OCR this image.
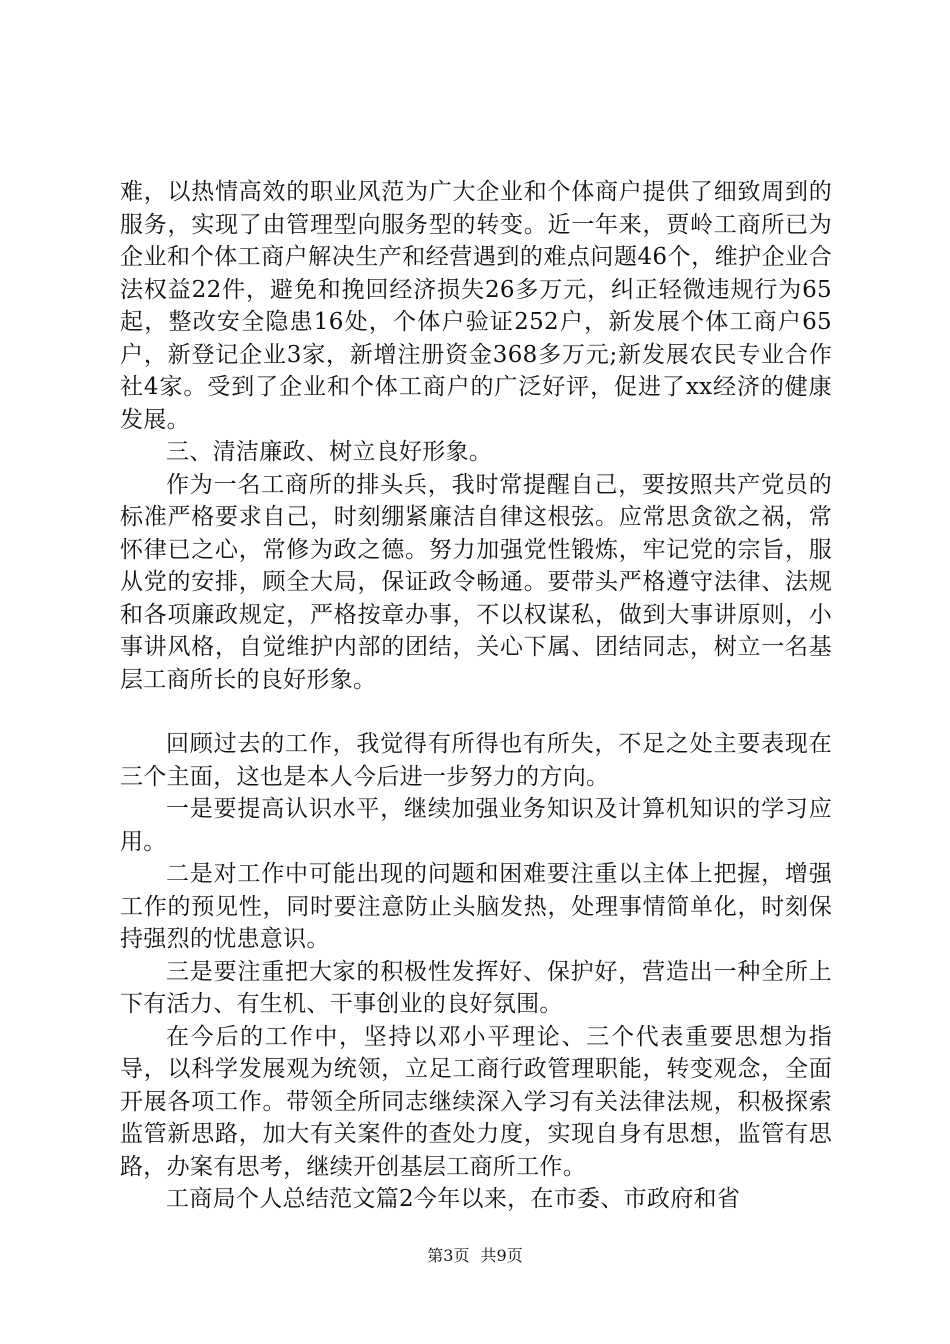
难，以热情高效的职业风范为广大企业和个体商户提供了细致周到的服务，实现了由管理型向服务型的转变。近一年来，贾岭工商所已为企业和个体工商户解决生产和经营遇到的难点问题46个，维护企业合法权益22件，避免和挽回经济损失26多万元，纠正轻微违规行为65起，整改安全隐患16处，个体户验证252户，新发展个体工商户65户，新登记企业3家，新增注册资金368多万元;新发展农民专业合作社4家。受到了企业和个体工商户的广泛好评，促进了xx经济的健康发展。

三、清洁廉政、树立良好形象。

作为一名工商所的排头兵，我时常提醒自己，要按照共产党员的标准严格要求自己，时刻绷紧廉洁自律这根弦。应常思贪欲之祸，常怀律已之心，常修为政之德。努力加强党性锻炼，牢记党的宗旨，服从党的安排，顾全大局，保证政令畅通。要带头严格遵守法律、法规和各项廉政规定，严格按章办事，不以权谋私，做到大事讲原则，小事讲风格，自觉维护内部的团结，关心下属、团结同志，树立一名基层工商所长的良好形象。

回顾过去的工作，我觉得有所得也有所失，不足之处主要表现在三个主面，这也是本人今后进一步努力的方向。

一是要提高认识水平，继续加强业务知识及计算机知识的学习应用。

二是对工作中可能出现的问题和困难要注重以主体上把握，增强工作的预见性，同时要注意防止头脑发热，处理事情简单化，时刻保持强烈的忧患意识。

三是要注重把大家的积极性发挥好、保护好，营造出一种全所上下有活力、有生机、干事创业的良好氛围。

在今后的工作中，坚持以邓小平理论、三个代表重要思想为指导，以科学发展观为统领，立足工商行政管理职能，转变观念，全面开展各项工作。带领全所同志继续深入学习有关法律法规，积极探索监管新思路，加大有关案件的查处力度，实现自身有思想，监管有思路，办案有思考，继续开创基层工商所工作。

工商局个人总结范文篇2今年以来，在市委、市政府和省

第3页 共9页
